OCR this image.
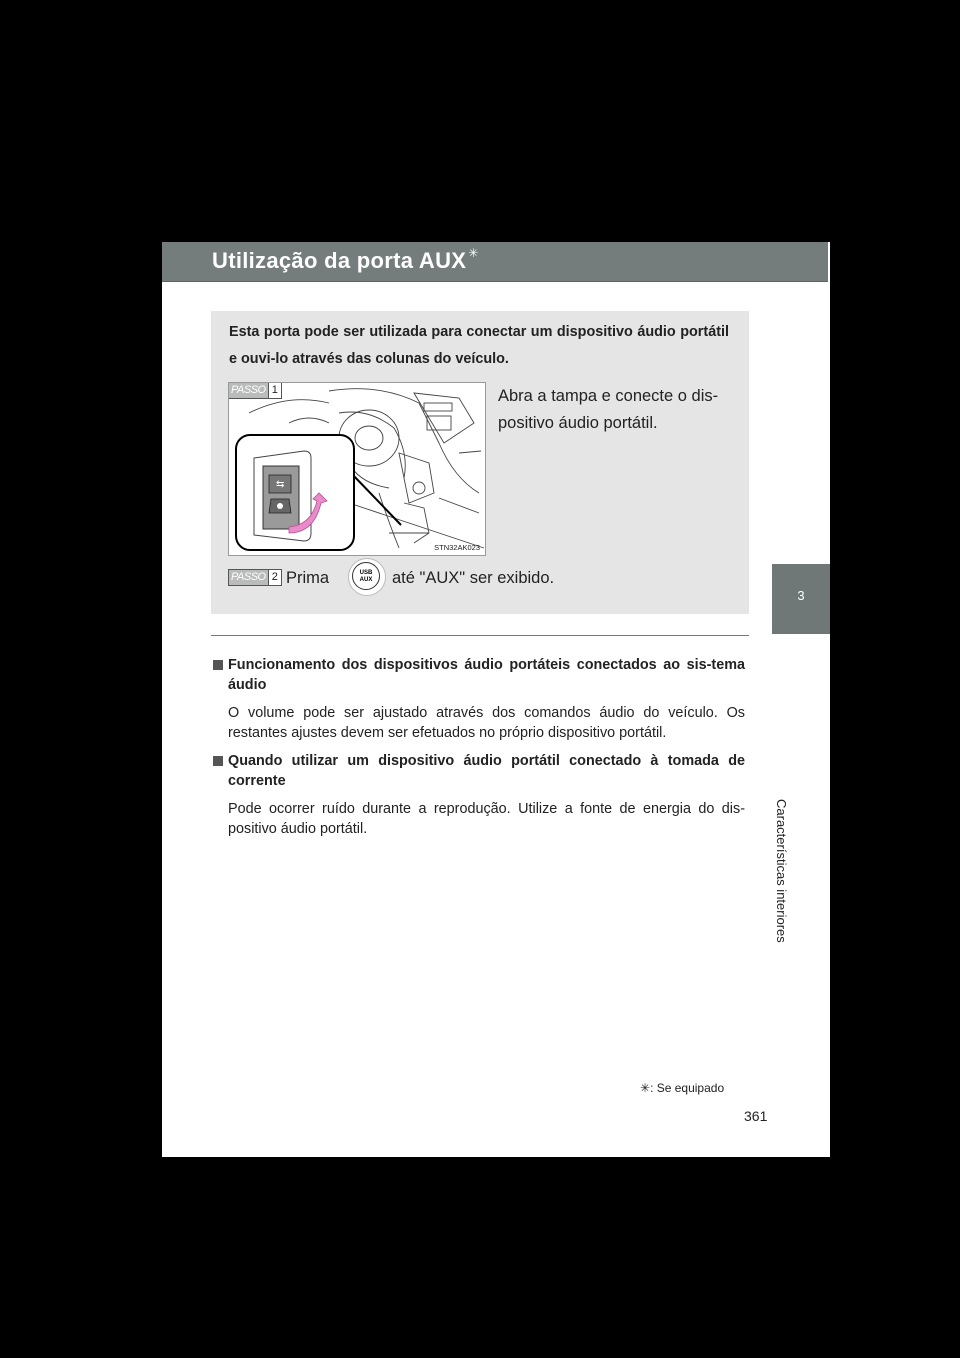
Utilização da porta AUX ✳
3
Características interiores
Esta porta pode ser utilizada para conectar um dispositivo áudio portátil e ouvi-lo através das colunas do veículo.
⇆
PASSO 1
STN32AK023
Abra a tampa e conecte o dis-positivo áudio portátil.
PASSO 2 Prima	USB
AUX	até "AUX" ser exibido.
Funcionamento dos dispositivos áudio portáteis conectados ao sis-tema áudio
O volume pode ser ajustado através dos comandos áudio do veículo. Os restantes ajustes devem ser efetuados no próprio dispositivo portátil.
Quando utilizar um dispositivo áudio portátil conectado à tomada de corrente
Pode ocorrer ruído durante a reprodução. Utilize a fonte de energia do dis-positivo áudio portátil.
✳: Se equipado
361
